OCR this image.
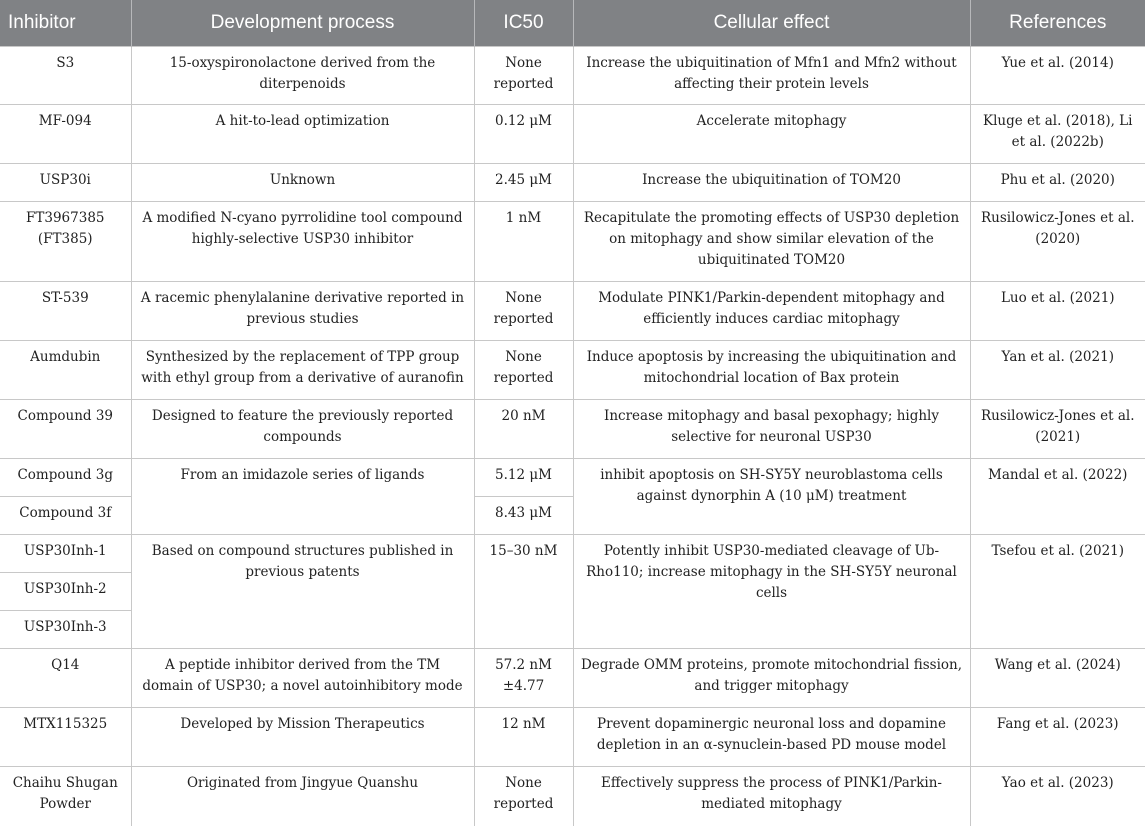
Inhibitor	Development process	IC50	Cellular effect	References
S3	15-oxyspironolactone derived from the diterpenoids	None reported	Increase the ubiquitination of Mfn1 and Mfn2 without affecting their protein levels	Yue et al. (2014)
MF-094	A hit-to-lead optimization	0.12 μM	Accelerate mitophagy	Kluge et al. (2018), Li et al. (2022b)
USP30i	Unknown	2.45 μM	Increase the ubiquitination of TOM20	Phu et al. (2020)
FT3967385 (FT385)	A modified N-cyano pyrrolidine tool compound highly-selective USP30 inhibitor	1 nM	Recapitulate the promoting effects of USP30 depletion on mitophagy and show similar elevation of the ubiquitinated TOM20	Rusilowicz-Jones et al. (2020)
ST-539	A racemic phenylalanine derivative reported in previous studies	None reported	Modulate PINK1/Parkin-dependent mitophagy and efficiently induces cardiac mitophagy	Luo et al. (2021)
Aumdubin	Synthesized by the replacement of TPP group with ethyl group from a derivative of auranofin	None reported	Induce apoptosis by increasing the ubiquitination and mitochondrial location of Bax protein	Yan et al. (2021)
Compound 39	Designed to feature the previously reported compounds	20 nM	Increase mitophagy and basal pexophagy; highly selective for neuronal USP30	Rusilowicz-Jones et al. (2021)
Compound 3g	From an imidazole series of ligands	5.12 μM	inhibit apoptosis on SH-SY5Y neuroblastoma cells against dynorphin A (10 μM) treatment	Mandal et al. (2022)
Compound 3f		8.43 μM		
USP30Inh-1	Based on compound structures published in previous patents	15–30 nM	Potently inhibit USP30-mediated cleavage of Ub-Rho110; increase mitophagy in the SH-SY5Y neuronal cells	Tsefou et al. (2021)
USP30Inh-2				
USP30Inh-3				
Q14	A peptide inhibitor derived from the TM domain of USP30; a novel autoinhibitory mode	57.2 nM ±4.77	Degrade OMM proteins, promote mitochondrial fission, and trigger mitophagy	Wang et al. (2024)
MTX115325	Developed by Mission Therapeutics	12 nM	Prevent dopaminergic neuronal loss and dopamine depletion in an α-synuclein-based PD mouse model	Fang et al. (2023)
Chaihu Shugan Powder	Originated from Jingyue Quanshu	None reported	Effectively suppress the process of PINK1/Parkin-mediated mitophagy	Yao et al. (2023)
